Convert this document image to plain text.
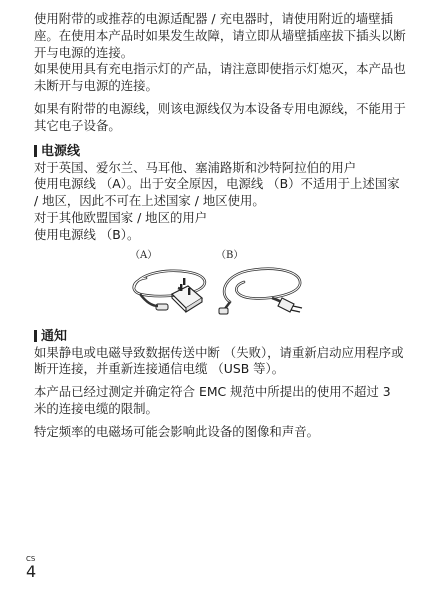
使用附带的或推荐的电源适配器 / 充电器时，请使用附近的墙壁插座。在使用本产品时如果发生故障，请立即从墙壁插座拔下插头以断开与电源的连接。

如果使用具有充电指示灯的产品，请注意即使指示灯熄灭，本产品也未断开与电源的连接。

如果有附带的电源线，则该电源线仅为本设备专用电源线，不能用于其它电子设备。

电源线

对于英国、爱尔兰、马耳他、塞浦路斯和沙特阿拉伯的用户

使用电源线 （A）。出于安全原因，电源线 （B）不适用于上述国家 / 地区，因此不可在上述国家 / 地区使用。

对于其他欧盟国家 / 地区的用户

使用电源线 （B）。

（A）	（B）
通知

如果静电或电磁导致数据传送中断 （失败），请重新启动应用程序或断开连接，并重新连接通信电缆 （USB 等）。

本产品已经过测定并确定符合 EMC 规范中所提出的使用不超过 3 米的连接电缆的限制。

特定频率的电磁场可能会影响此设备的图像和声音。

CS
4
